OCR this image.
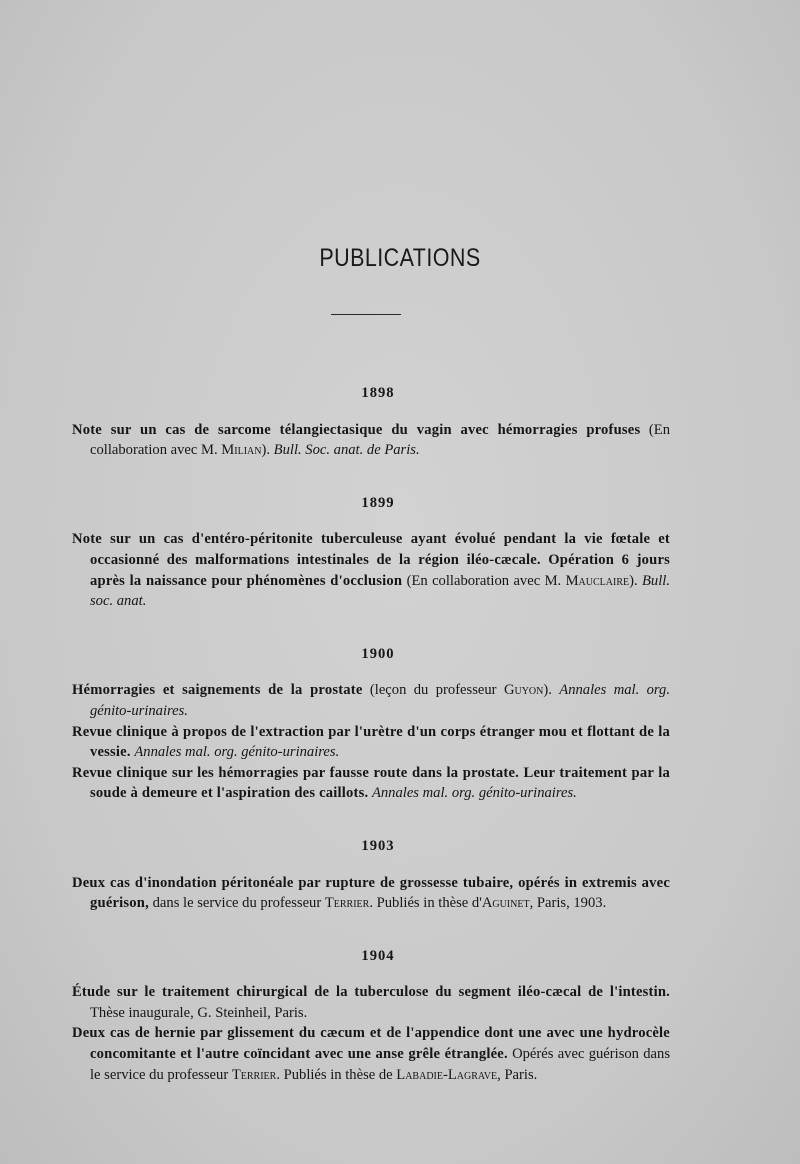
PUBLICATIONS
1898
Note sur un cas de sarcome télangiectasique du vagin avec hémorragies profuses (En collaboration avec M. Milian). Bull. Soc. anat. de Paris.
1899
Note sur un cas d'entéro-péritonite tuberculeuse ayant évolué pendant la vie fœtale et occasionné des malformations intestinales de la région iléo-cæcale. Opération 6 jours après la naissance pour phénomènes d'occlusion (En collaboration avec M. Mauclaire). Bull. soc. anat.
1900
Hémorragies et saignements de la prostate (leçon du professeur Guyon). Annales mal. org. génito-urinaires.
Revue clinique à propos de l'extraction par l'urètre d'un corps étranger mou et flottant de la vessie. Annales mal. org. génito-urinaires.
Revue clinique sur les hémorragies par fausse route dans la prostate. Leur traitement par la soude à demeure et l'aspiration des caillots. Annales mal. org. génito-urinaires.
1903
Deux cas d'inondation péritonéale par rupture de grossesse tubaire, opérés in extremis avec guérison, dans le service du professeur Terrier. Publiés in thèse d'Aguinet, Paris, 1903.
1904
Étude sur le traitement chirurgical de la tuberculose du segment iléo-cæcal de l'intestin. Thèse inaugurale, G. Steinheil, Paris.
Deux cas de hernie par glissement du cæcum et de l'appendice dont une avec une hydrocèle concomitante et l'autre coïncidant avec une anse grêle étranglée. Opérés avec guérison dans le service du professeur Terrier. Publiés in thèse de Labadie-Lagrave, Paris.
